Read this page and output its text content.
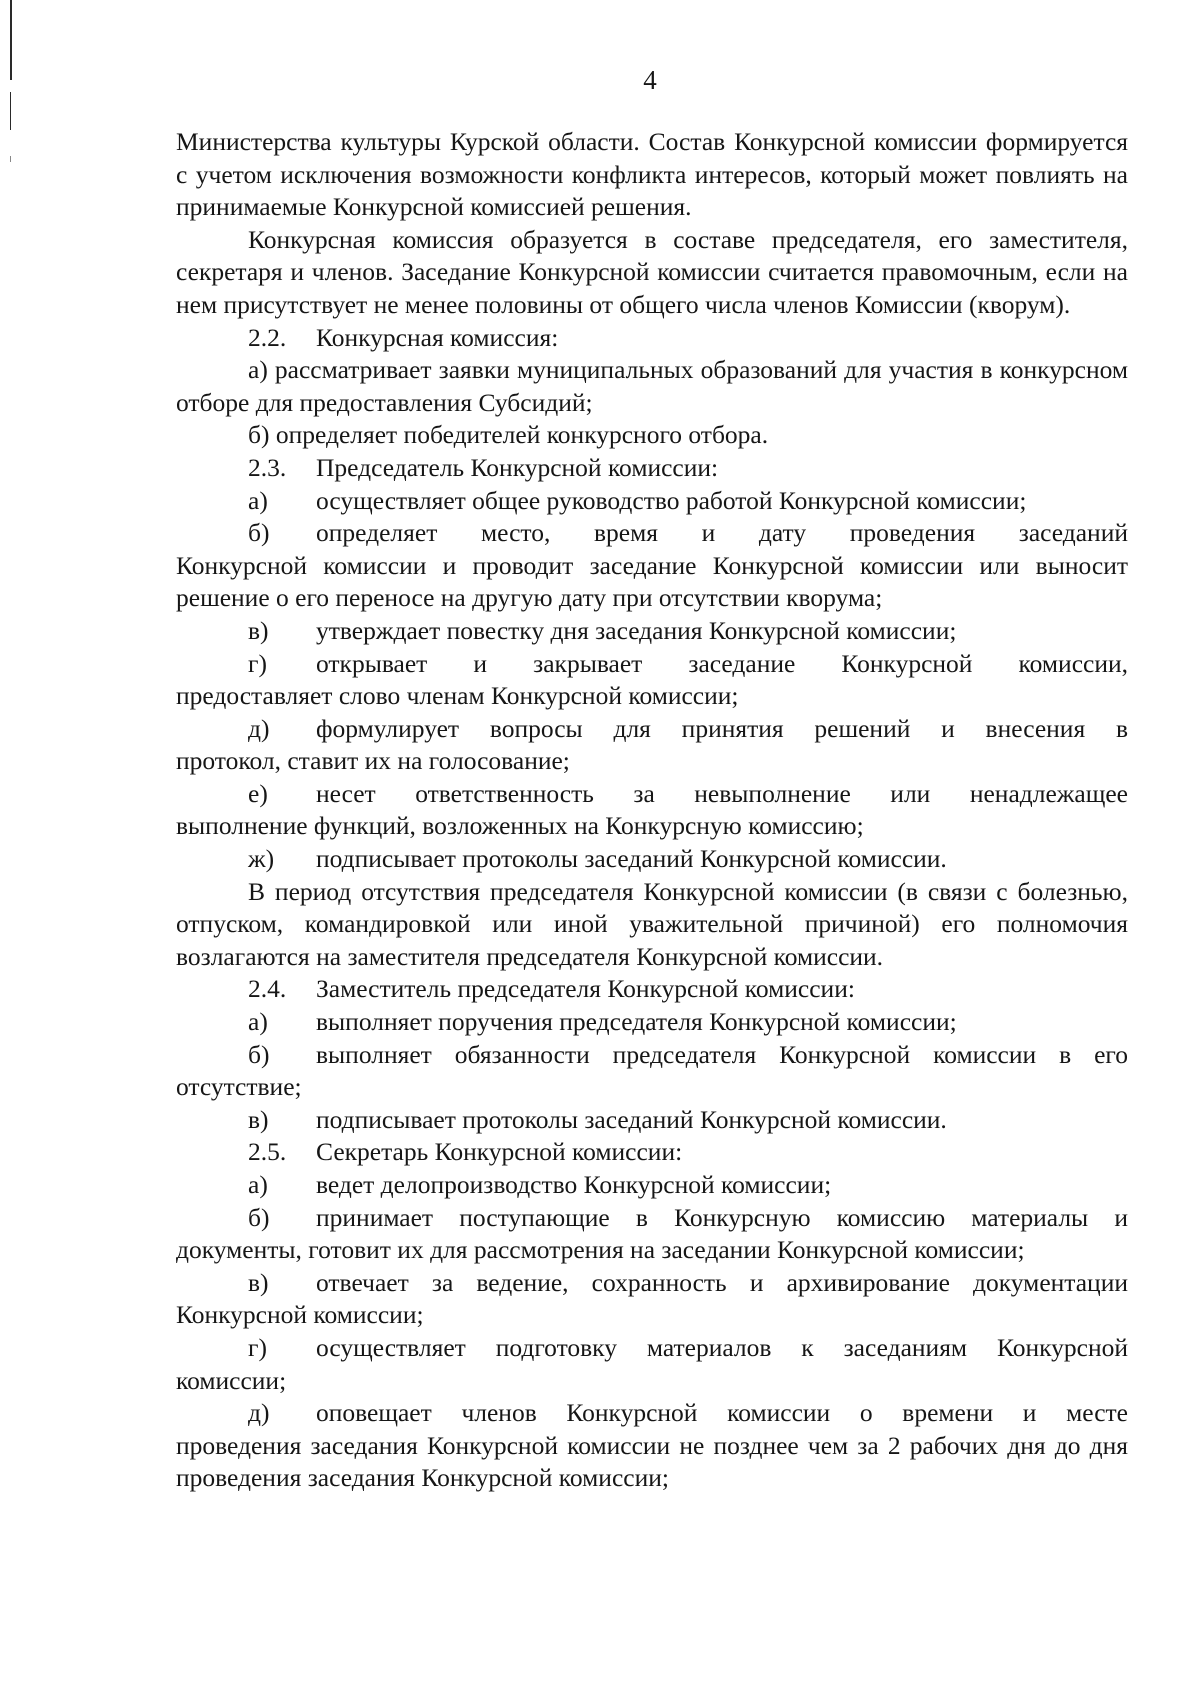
4

Министерства культуры Курской области. Состав Конкурсной комиссии формируется с учетом исключения возможности конфликта интересов, который может повлиять на принимаемые Конкурсной комиссией решения.

Конкурсная комиссия образуется в составе председателя, его заместителя, секретаря и членов. Заседание Конкурсной комиссии считается правомочным, если на нем присутствует не менее половины от общего числа членов Комиссии (кворум).

2.2.	Конкурсная комиссия:

а) рассматривает заявки муниципальных образований для участия в конкурсном отборе для предоставления Субсидий;

б) определяет победителей конкурсного отбора.

2.3.	Председатель Конкурсной комиссии:
а)	осуществляет общее руководство работой Конкурсной комиссии;
б)	определяет место, время и дату проведения заседаний

Конкурсной комиссии и проводит заседание Конкурсной комиссии или выносит решение о его переносе на другую дату при отсутствии кворума;

в)	утверждает повестку дня заседания Конкурсной комиссии;
г)	открывает и закрывает заседание Конкурсной комиссии,

предоставляет слово членам Конкурсной комиссии;

д)	формулирует вопросы для принятия решений и внесения в

протокол, ставит их на голосование;

е)	несет ответственность за невыполнение или ненадлежащее

выполнение функций, возложенных на Конкурсную комиссию;

ж)	подписывает протоколы заседаний Конкурсной комиссии.

В период отсутствия председателя Конкурсной комиссии (в связи с болезнью, отпуском, командировкой или иной уважительной причиной) его полномочия возлагаются на заместителя председателя Конкурсной комиссии.

2.4.	Заместитель председателя Конкурсной комиссии:
а)	выполняет поручения председателя Конкурсной комиссии;
б)	выполняет обязанности председателя Конкурсной комиссии в его

отсутствие;

в)	подписывает протоколы заседаний Конкурсной комиссии.
2.5.	Секретарь Конкурсной комиссии:
а)	ведет делопроизводство Конкурсной комиссии;
б)	принимает поступающие в Конкурсную комиссию материалы и

документы, готовит их для рассмотрения на заседании Конкурсной комиссии;

в)	отвечает за ведение, сохранность и архивирование документации

Конкурсной комиссии;

г)	осуществляет подготовку материалов к заседаниям Конкурсной

комиссии;

д)	оповещает членов Конкурсной комиссии о времени и месте

проведения заседания Конкурсной комиссии не позднее чем за 2 рабочих дня до дня проведения заседания Конкурсной комиссии;
